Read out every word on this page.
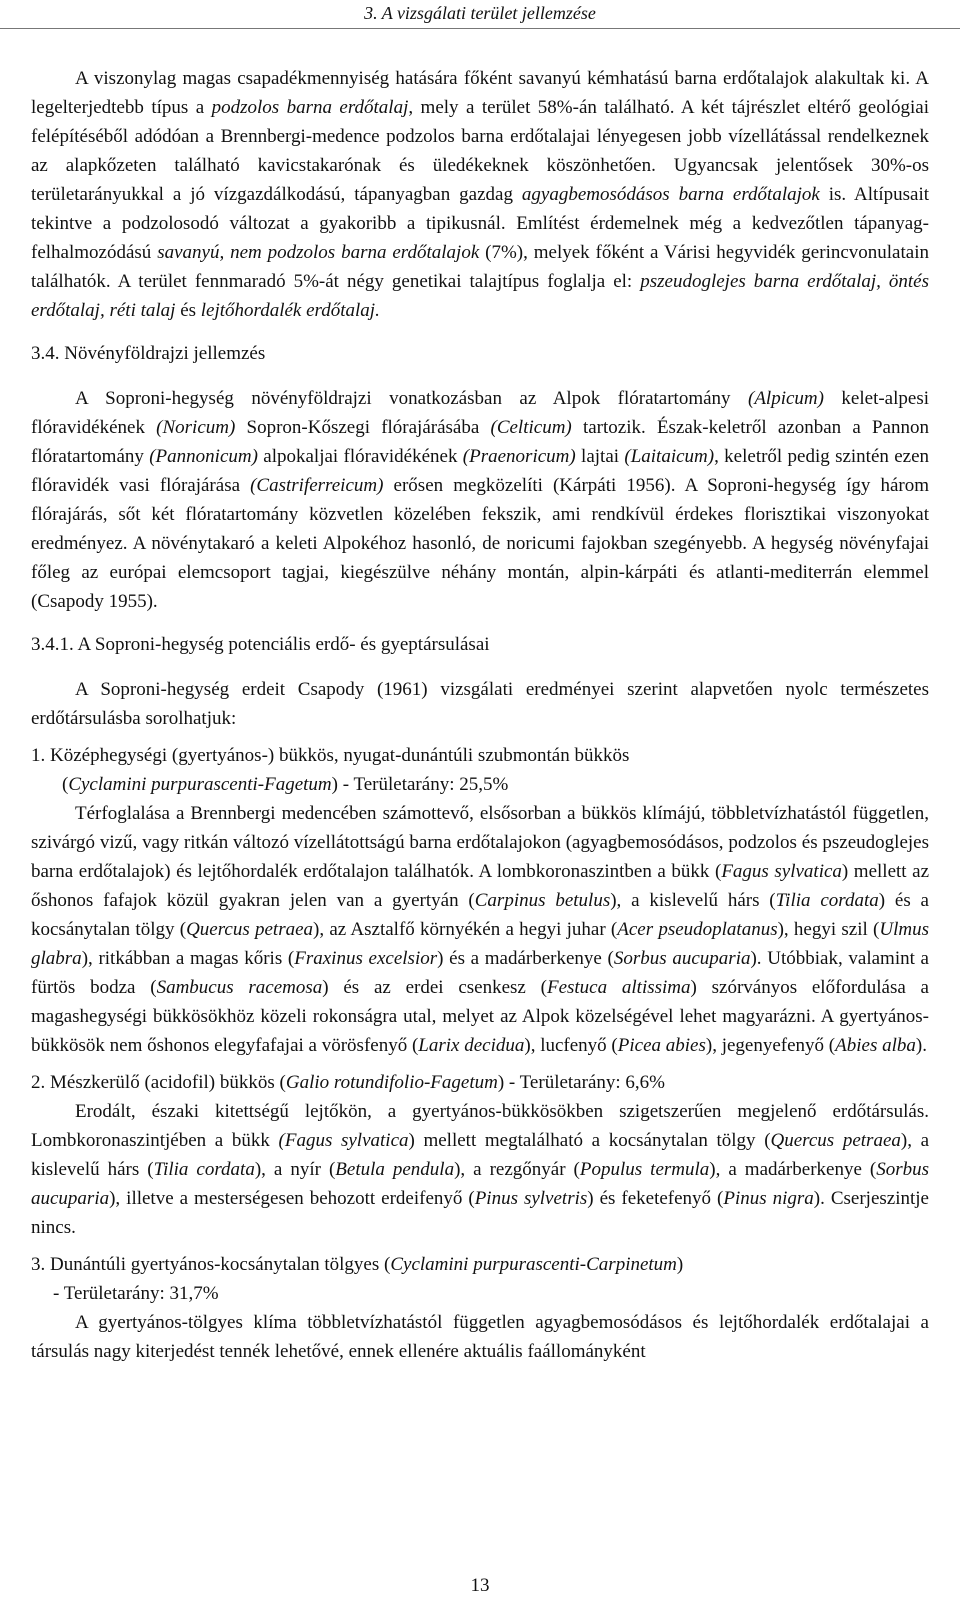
3. A vizsgálati terület jellemzése

A viszonylag magas csapadékmennyiség hatására főként savanyú kémhatású barna erdőtalajok alakultak ki. A legelterjedtebb típus a podzolos barna erdőtalaj, mely a terület 58%-án található. A két tájrészlet eltérő geológiai felépítéséből adódóan a Brennbergi-medence podzolos barna erdőtalajai lényegesen jobb vízellátással rendelkeznek az alapkőzeten található kavicstakarónak és üledékeknek köszönhetően. Ugyancsak jelentősek 30%-os területarányukkal a jó vízgazdálkodású, tápanyagban gazdag agyagbemosódásos barna erdőtalajok is. Altípusait tekintve a podzolosodó változat a gyakoribb a tipikusnál. Említést érdemelnek még a kedvezőtlen tápanyag-felhalmozódású savanyú, nem podzolos barna erdőtalajok (7%), melyek főként a Várisi hegyvidék gerincvonulatain találhatók. A terület fennmaradó 5%-át négy genetikai talajtípus foglalja el: pszeudoglejes barna erdőtalaj, öntés erdőtalaj, réti talaj és lejtőhordalék erdőtalaj.

3.4. Növényföldrajzi jellemzés

A Soproni-hegység növényföldrajzi vonatkozásban az Alpok flóratartomány (Alpicum) kelet-alpesi flóravidékének (Noricum) Sopron-Kőszegi flórajárásába (Celticum) tartozik. Észak-keletről azonban a Pannon flóratartomány (Pannonicum) alpokaljai flóravidékének (Praenoricum) lajtai (Laitaicum), keletről pedig szintén ezen flóravidék vasi flórajárása (Castriferreicum) erősen megközelíti (Kárpáti 1956). A Soproni-hegység így három flórajárás, sőt két flóratartomány közvetlen közelében fekszik, ami rendkívül érdekes florisztikai viszonyokat eredményez. A növénytakaró a keleti Alpokéhoz hasonló, de noricumi fajokban szegényebb. A hegység növényfajai főleg az európai elemcsoport tagjai, kiegészülve néhány montán, alpin-kárpáti és atlanti-mediterrán elemmel (Csapody 1955).

3.4.1. A Soproni-hegység potenciális erdő- és gyeptársulásai

A Soproni-hegység erdeit Csapody (1961) vizsgálati eredményei szerint alapvetően nyolc természetes erdőtársulásba sorolhatjuk:

1. Középhegységi (gyertyános-) bükkös, nyugat-dunántúli szubmontán bükkös

(Cyclamini purpurascenti-Fagetum) - Területarány: 25,5%

Térfoglalása a Brennbergi medencében számottevő, elsősorban a bükkös klímájú, többletvízhatástól független, szivárgó vizű, vagy ritkán változó vízellátottságú barna erdőtalajokon (agyagbemosódásos, podzolos és pszeudoglejes barna erdőtalajok) és lejtőhordalék erdőtalajon találhatók. A lombkoronaszintben a bükk (Fagus sylvatica) mellett az őshonos fafajok közül gyakran jelen van a gyertyán (Carpinus betulus), a kislevelű hárs (Tilia cordata) és a kocsánytalan tölgy (Quercus petraea), az Asztalfő környékén a hegyi juhar (Acer pseudoplatanus), hegyi szil (Ulmus glabra), ritkábban a magas kőris (Fraxinus excelsior) és a madárberkenye (Sorbus aucuparia). Utóbbiak, valamint a fürtös bodza (Sambucus racemosa) és az erdei csenkesz (Festuca altissima) szórványos előfordulása a magashegységi bükkösökhöz közeli rokonságra utal, melyet az Alpok közelségével lehet magyarázni. A gyertyános-bükkösök nem őshonos elegyfafajai a vörösfenyő (Larix decidua), lucfenyő (Picea abies), jegenyefenyő (Abies alba).

2. Mészkerülő (acidofil) bükkös (Galio rotundifolio-Fagetum) - Területarány: 6,6%

Erodált, északi kitettségű lejtőkön, a gyertyános-bükkösökben szigetszerűen megjelenő erdőtársulás. Lombkoronaszintjében a bükk (Fagus sylvatica) mellett megtalálható a kocsánytalan tölgy (Quercus petraea), a kislevelű hárs (Tilia cordata), a nyír (Betula pendula), a rezgőnyár (Populus termula), a madárberkenye (Sorbus aucuparia), illetve a mesterségesen behozott erdeifenyő (Pinus sylvetris) és feketefenyő (Pinus nigra). Cserjeszintje nincs.

3. Dunántúli gyertyános-kocsánytalan tölgyes (Cyclamini purpurascenti-Carpinetum)

- Területarány: 31,7%

A gyertyános-tölgyes klíma többletvízhatástól független agyagbemosódásos és lejtőhordalék erdőtalajai a társulás nagy kiterjedést tennék lehetővé, ennek ellenére aktuális faállományként

13
